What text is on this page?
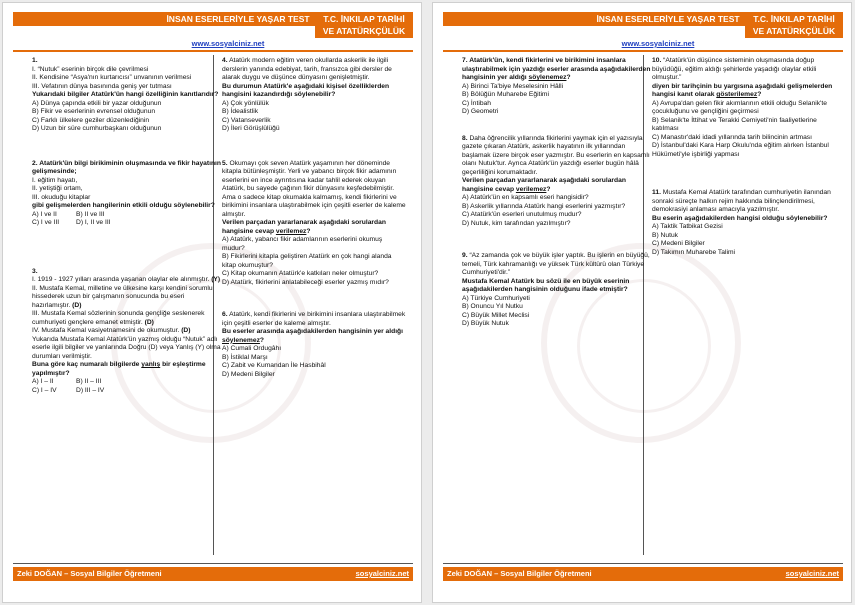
İNSAN ESERLERİYLE YAŞAR TEST	T.C. İNKILAP TARİHİ
VE ATATÜRKÇÜLÜK
www.sosyalciniz.net

1.

I. “Nutuk” eserinin birçok dile çevrilmesi

II. Kendisine “Asya'nın kurtarıcısı” unvanının verilmesi

III. Vefatının dünya basınında geniş yer tutması

Yukarıdaki bilgiler Atatürk'ün hangi özelliğinin kanıtlarıdır?

A) Dünya çapında etkili bir yazar olduğunun

B) Fikir ve eserlerinin evrensel olduğunun

C) Farklı ülkelere geziler düzenlediğinin

D) Uzun bir süre cumhurbaşkanı olduğunun

2. Atatürk'ün bilgi birikiminin oluşmasında ve fikir hayatının gelişmesinde;

I. eğitim hayatı,

II. yetiştiği ortam,

III. okuduğu kitaplar

gibi gelişmelerden hangilerinin etkili olduğu söylenebilir?

A) I ve II	B) II ve III
C) I ve III	D) I, II ve III

3.

I. 1919 - 1927 yılları arasında yaşanan olaylar ele alınmıştır. (Y)

II. Mustafa Kemal, milletine ve ülkesine karşı kendini sorumlu hissederek uzun bir çalışmanın sonucunda bu eseri hazırlamıştır. (D)

III. Mustafa Kemal sözlerinin sonunda gençliğe seslenerek cumhuriyeti gençlere emanet etmiştir. (D)

IV. Mustafa Kemal vasiyetnamesini de okumuştur. (D)

Yukarıda Mustafa Kemal Atatürk'ün yazmış olduğu “Nutuk” adlı eserle ilgili bilgiler ve yanlarında Doğru (D) veya Yanlış (Y) olma durumları verilmiştir.

Buna göre kaç numaralı bilgilerde yanlış bir eşleştirme yapılmıştır?

A) I – II	B) II – III
C) I – IV	D) III – IV

4. Atatürk modern eğitim veren okullarda askerlik ile ilgili derslerin yanında edebiyat, tarih, fransızca gibi dersler de alarak duygu ve düşünce dünyasını genişletmiştir.

Bu durumun Atatürk'e aşağıdaki kişisel özelliklerden hangisini kazandırdığı söylenebilir?

A) Çok yönlülük

B) İdealistlik

C) Vatanseverlik

D) İleri Görüşlülüğü

5. Okumayı çok seven Atatürk yaşamının her döneminde kitapla bütünleşmiştir. Yerli ve yabancı birçok fikir adamının eserlerini en ince ayrıntısına kadar tahlil ederek okuyan Atatürk, bu sayede çağının fikir dünyasını keşfedebilmiştir. Ama o sadece kitap okumakla kalmamış, kendi fikirlerini ve birikimini insanlara ulaştırabilmek için çeşitli eserler de kaleme almıştır.

Verilen parçadan yararlanarak aşağıdaki sorulardan hangisine cevap verilemez?

A) Atatürk, yabancı fikir adamlarının eserlerini okumuş mudur?

B) Fikirlerini kitapla geliştiren Atatürk en çok hangi alanda kitap okumuştur?

C) Kitap okumanın Atatürk'e katkıları neler olmuştur?

D) Atatürk, fikirlerini anlatabileceği eserler yazmış mıdır?

6. Atatürk, kendi fikirlerini ve birikimini insanlara ulaştırabilmek için çeşitli eserler de kaleme almıştır.

Bu eserler arasında aşağıdakilerden hangisinin yer aldığı söylenemez?

A) Cumali Ordugâhı

B) İstiklal Marşı

C) Zabit ve Kumandan İle Hasbihâl

D) Medeni Bilgiler

Zeki DOĞAN – Sosyal Bilgiler Öğretmeni	sosyalciniz.net
İNSAN ESERLERİYLE YAŞAR TEST	T.C. İNKILAP TARİHİ
VE ATATÜRKÇÜLÜK
www.sosyalciniz.net

7. Atatürk'ün, kendi fikirlerini ve birikimini insanlara ulaştırabilmek için yazdığı eserler arasında aşağıdakilerden hangisinin yer aldığı söylenemez?

A) Birinci Ta'biye Meselesinin Hâlli

B) Bölüğün Muharebe Eğitimi

C) İntibah

D) Geometri

8. Daha öğrencilik yıllarında fikirlerini yaymak için el yazısıyla gazete çıkaran Atatürk, askerlik hayatının ilk yıllarından başlamak üzere birçok eser yazmıştır. Bu eserlerin en kapsamlı olanı Nutuk'tur. Ayrıca Atatürk'ün yazdığı eserler bugün hâlâ geçerliliğini korumaktadır.

Verilen parçadan yararlanarak aşağıdaki sorulardan hangisine cevap verilemez?

A) Atatürk'ün en kapsamlı eseri hangisidir?

B) Askerlik yıllarında Atatürk hangi eserlerini yazmıştır?

C) Atatürk'ün eserleri unutulmuş mudur?

D) Nutuk, kim tarafından yazılmıştır?

9. “Az zamanda çok ve büyük işler yaptık. Bu işlerin en büyüğü, temeli, Türk kahramanlığı ve yüksek Türk kültürü olan Türkiye Cumhuriyeti'dir.”

Mustafa Kemal Atatürk bu sözü ile en büyük eserinin aşağıdakilerden hangisinin olduğunu ifade etmiştir?

A) Türkiye Cumhuriyeti

B) Onuncu Yıl Nutku

C) Büyük Millet Meclisi

D) Büyük Nutuk

10. “Atatürk'ün düşünce sisteminin oluşmasında doğup büyüdüğü, eğitim aldığı şehirlerde yaşadığı olaylar etkili olmuştur.”

diyen bir tarihçinin bu yargısına aşağıdaki gelişmelerden hangisi kanıt olarak gösterilemez?

A) Avrupa'dan gelen fikir akımlarının etkili olduğu Selanik'te çocukluğunu ve gençliğini geçirmesi

B) Selanik'te İttihat ve Terakki Cemiyeti'nin faaliyetlerine katılması

C) Manastır'daki idadi yıllarında tarih bilincinin artması

D) İstanbul'daki Kara Harp Okulu'nda eğitim alırken İstanbul Hükümeti'yle işbirliği yapması

11. Mustafa Kemal Atatürk tarafından cumhuriyetin ilanından sonraki süreçte halkın rejim hakkında bilinçlendirilmesi, demokrasiyi anlaması amacıyla yazılmıştır.

Bu eserin aşağıdakilerden hangisi olduğu söylenebilir?

A) Taktik Tatbikat Gezisi

B) Nutuk

C) Medeni Bilgiler

D) Takımın Muharebe Talimi

Zeki DOĞAN – Sosyal Bilgiler Öğretmeni	sosyalciniz.net
